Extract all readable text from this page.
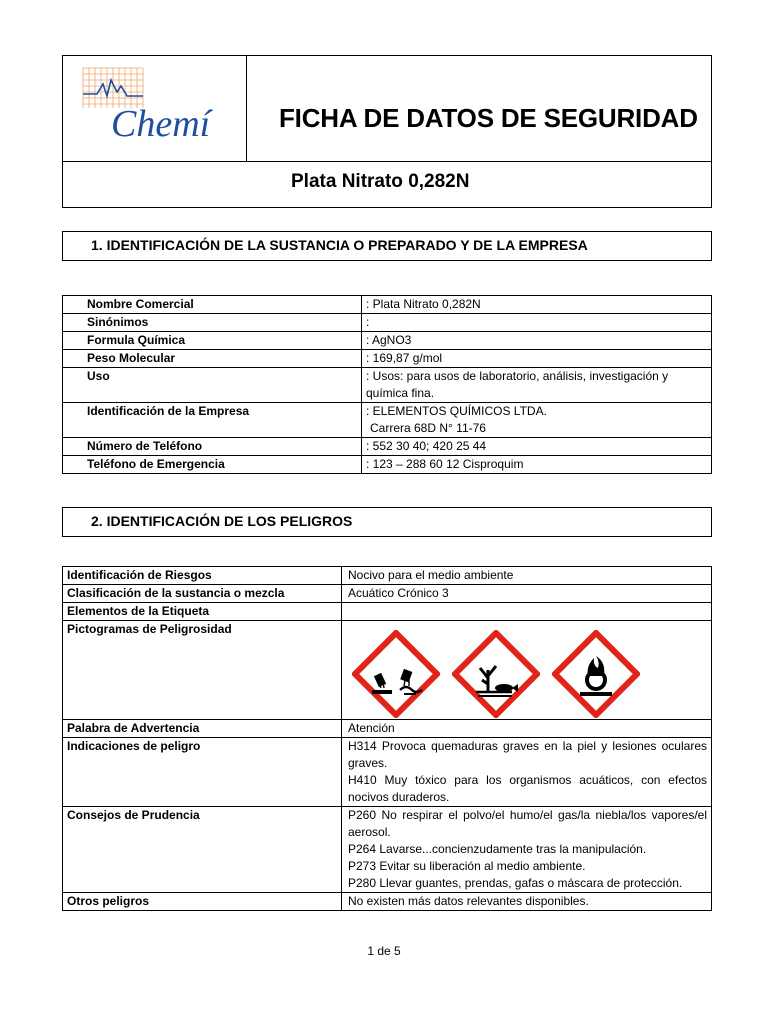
Chemí	FICHA DE DATOS DE SEGURIDAD
Plata Nitrato 0,282N
1. IDENTIFICACIÓN DE LA SUSTANCIA O PREPARADO Y DE LA EMPRESA
Nombre Comercial	: Plata Nitrato 0,282N
Sinónimos	:
Formula Química	: AgNO3
Peso Molecular	: 169,87 g/mol
Uso	: Usos: para usos de laboratorio, análisis, investigación y química fina.
Identificación de la Empresa	: ELEMENTOS QUÍMICOS LTDA.
Carrera 68D N° 11-76

Número de Teléfono	: 552 30 40; 420 25 44
Teléfono de Emergencia	: 123 – 288 60 12 Cisproquim
2. IDENTIFICACIÓN DE LOS PELIGROS
Identificación de Riesgos	Nocivo para el medio ambiente
Clasificación de la sustancia o mezcla	Acuático Crónico 3
Elementos de la Etiqueta	
Pictogramas de Peligrosidad	

Palabra de Advertencia	Atención
Indicaciones de peligro	H314 Provoca quemaduras graves en la piel y lesiones oculares graves.
H410 Muy tóxico para los organismos acuáticos, con efectos nocivos duraderos.

Consejos de Prudencia	P260 No respirar el polvo/el humo/el gas/la niebla/los vapores/el aerosol.
P264 Lavarse...concienzudamente tras la manipulación.
P273 Evitar su liberación al medio ambiente.
P280 Llevar guantes, prendas, gafas o máscara de protección.

Otros peligros	No existen más datos relevantes disponibles.
1 de 5
